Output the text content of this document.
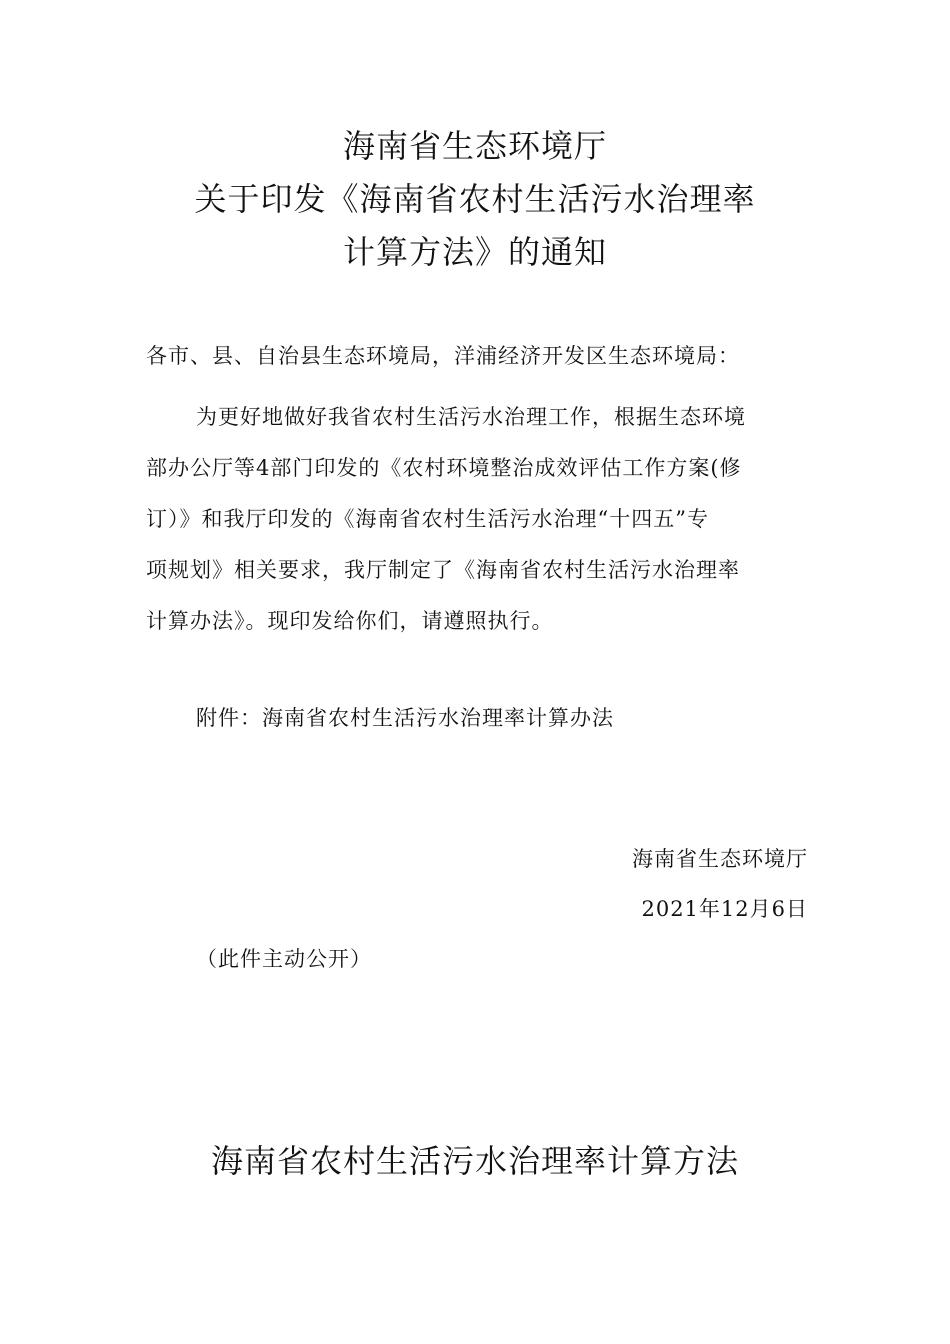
海南省生态环境厅
关于印发《海南省农村生活污水治理率
计算方法》的通知
各市、县、自治县生态环境局，洋浦经济开发区生态环境局：
为更好地做好我省农村生活污水治理工作，根据生态环境
部办公厅等4部门印发的《农村环境整治成效评估工作方案(修
订）》和我厅印发的《海南省农村生活污水治理“十四五”专
项规划》相关要求，我厅制定了《海南省农村生活污水治理率
计算办法》。现印发给你们，请遵照执行。
附件：海南省农村生活污水治理率计算办法
海南省生态环境厅
2021年12月6日
（此件主动公开）
海南省农村生活污水治理率计算方法
